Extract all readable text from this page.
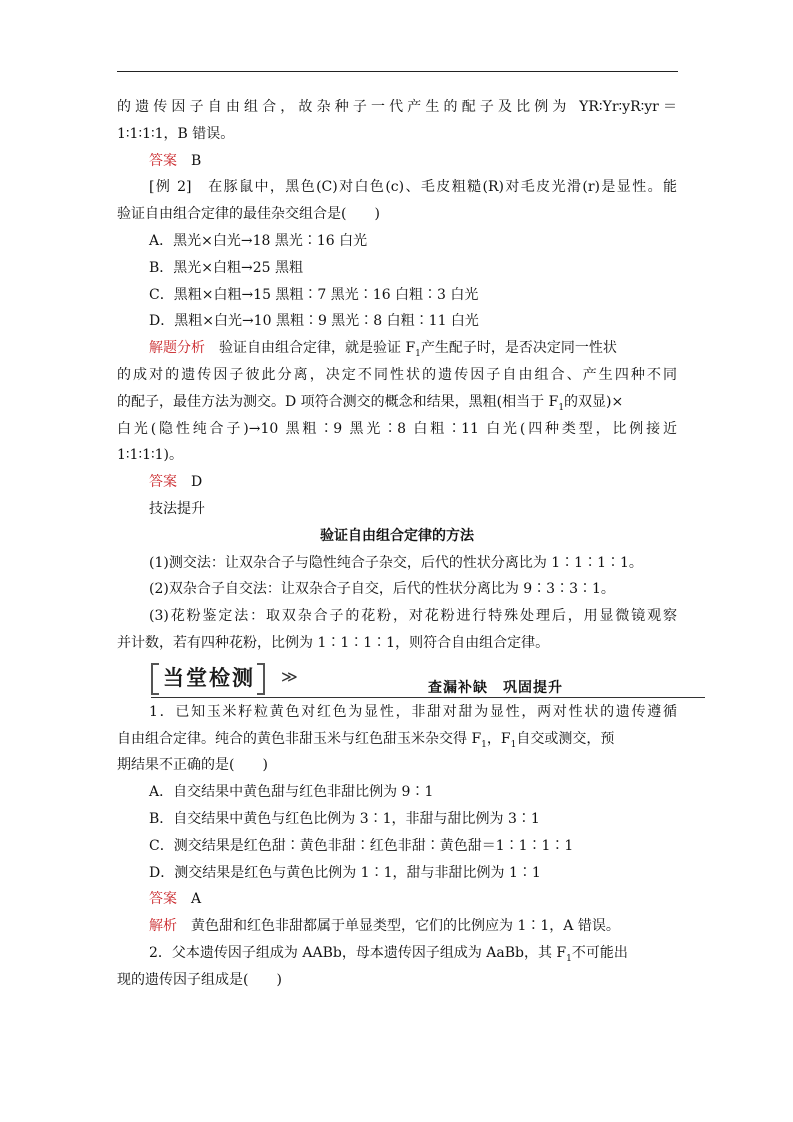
的遗传因子自由组合，故杂种子一代产生的配子及比例为 YR∶Yr∶yR∶yr＝
1∶1∶1∶1，B 错误。
答案 B
[例 2]　在豚鼠中，黑色(C)对白色(c)、毛皮粗糙(R)对毛皮光滑(r)是显性。能
验证自由组合定律的最佳杂交组合是(　　)
A．黑光×白光→18 黑光∶16 白光
B．黑光×白粗→25 黑粗
C．黑粗×白粗→15 黑粗∶7 黑光∶16 白粗∶3 白光
D．黑粗×白光→10 黑粗∶9 黑光∶8 白粗∶11 白光
解题分析 验证自由组合定律，就是验证 $F_1$产生配子时，是否决定同一性状
的成对的遗传因子彼此分离，决定不同性状的遗传因子自由组合、产生四种不同
的配子，最佳方法为测交。D 项符合测交的概念和结果，黑粗(相当于 $F_1$的双显)×
白光(隐性纯合子)→10 黑粗∶9 黑光∶8 白粗∶11 白光(四种类型，比例接近
1∶1∶1∶1)。
答案 D
技法提升
验证自由组合定律的方法
(1)测交法：让双杂合子与隐性纯合子杂交，后代的性状分离比为 1∶1∶1∶1。
(2)双杂合子自交法：让双杂合子自交，后代的性状分离比为 9∶3∶3∶1。
(3)花粉鉴定法：取双杂合子的花粉，对花粉进行特殊处理后，用显微镜观察
并计数，若有四种花粉，比例为 1∶1∶1∶1，则符合自由组合定律。
当堂检测	≫
查漏补缺　巩固提升
1．已知玉米籽粒黄色对红色为显性，非甜对甜为显性，两对性状的遗传遵循
自由组合定律。纯合的黄色非甜玉米与红色甜玉米杂交得 $F_1$，$F_1$自交或测交，预
期结果不正确的是(　　)
A．自交结果中黄色甜与红色非甜比例为 9∶1
B．自交结果中黄色与红色比例为 3∶1，非甜与甜比例为 3∶1
C．测交结果是红色甜∶黄色非甜∶红色非甜∶黄色甜＝1∶1∶1∶1
D．测交结果是红色与黄色比例为 1∶1，甜与非甜比例为 1∶1
答案 A
解析 黄色甜和红色非甜都属于单显类型，它们的比例应为 1∶1，A 错误。
2．父本遗传因子组成为 AABb，母本遗传因子组成为 AaBb，其 $F_1$不可能出
现的遗传因子组成是(　　)
